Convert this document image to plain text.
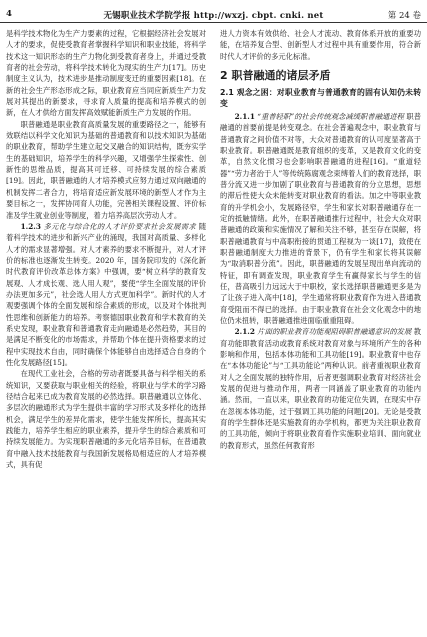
4	无锡职业技术学院学报 http://wxzj. cbpt. cnki. net	第 24 卷

是科学技术物化为生产力要素的过程，它根据经济社会发展对人才的要求，促使受教育者掌握科学知识和职业技能，将科学技术这一知识形态的生产力物化到受教育者身上，并通过受教育者的社会劳动，将科学技术转化为现实的生产力[17]。历史制度主义认为，技术进步是推动制度变迁的重要因素[18]。在新的社会生产形态形成之际，职业教育应当同应新质生产力发展对其提出的新要求，寻求育人质量的提高和培养模式的创新，在人才供给方面发挥高效赋能新质生产力发展的作用。

职普融通是职业教育高质量发展的重要路径之一，能够有效联结以科学文化知识为基础的普通教育和以技术知识为基础的职业教育，帮助学生建立起交叉融合的知识结构，既夯实学生的基础知识，培养学生的科学兴趣，又增强学生探索性、创新性的思维品质，提高其可迁移、可持续发展的综合素质[19]。因此，职普融通的人才培养模式应努力通过双向融通的机制发挥二者合力，将培育适应新发展环境的新型人才作为主要目标之一，发挥协同育人功能，完善相关课程设置、评价标准及学生就业创业等制度，着力培养高层次劳动人才。

1.2.3 多元化与综合化的人才评价要求社会发展需求 随着科学技术的进步和新兴产业的涌现，我国对高质量、多样化人才的需求显著增强。对人才素养的要求不断提升，对人才评价的标准也逐渐发生转变。2020 年，国务院印发的《深化新时代教育评价改革总体方案》中强调，要“树立科学的教育发展观、人才成长观、选人用人观”，要使“学生全面发展的评价办法更加多元”，社会选人用人方式更加科学”。新时代的人才观要强调个体的全面发展和综合素质的形成，以及对个体批判性思维和创新能力的培养。考察德国职业教育和学术教育的关系史发现，职业教育和普通教育走向融通是必然趋势，其目的是满足不断变化的市场需求，并帮助个体在提升资格要求的过程中实现技术自由，同时确保个体能够自由选择适合自身的个性化发展路径[15]。

在现代工业社会，合格的劳动者既要具备与科学相关的系统知识，又要获取与职业相关的经验，将职业与学术的学习路径结合起来已成为教育发展的必然选择。职普融通以立体化、多层次的融通形式为学生提供丰富的学习形式及多样化的选择机会，满足学生的差异化需求，使学生能发挥所长，提高其实践能力，培养学生相应的职业素养，提升学生的综合素质和可持续发展能力。为实现职普融通的多元化培养目标，在普通教育中融入技术技能教育与我国新发展格局相适应的人才培养模式，具有促

进人力资本有效供给、社会人才流动、教育体系开放的重要功能，在培养复合型、创新型人才过程中具有重要作用，符合新时代人才评价的多元化标准。

2 职普融通的诸层矛盾
2.1 观念之困：对职业教育与普通教育的固有认知仍未转变

2.1.1 “重普轻职”的社会传统观念减缓职普融通进程 职普融通的首要前提是转变观念。在社会普遍观念中，职业教育与普通教育之间价值不对等，大众对普通教育的认可度显著高于职业教育。职普融通既是教育组织的变革，又是教育文化的变革，自然文化惯习也会影响职普融通的进程[16]。“重道轻器”“劳力者治于人”等传统陈腐观念束缚着人们的教育选择，职普分流又进一步加剧了职业教育与普通教育的分立思想，思想的滞后性使大众未能转变对职业教育的看法。加之中等职业教育的升学机会小，发展路径窄，学生和家长对职普融通存在一定的抵触情绪。此外，在职普融通推行过程中，社会大众对职普融通的政策和实施情况了解和关注不够，甚至存在误解，将职普融通教育与中高职衔接的贯通工程视为一谈[17]，致使在职普融通制度大力推进的背景下，仍有学生和家长将其误解为“取消职普分流”。因此，职普融通的发展呈现出单向流动的特征，即有调查发现，职业教育学生有赢得家长与学生的信任，普高吸引力远远大于中职校，家长选择职普融通更多是为了让孩子进入高中[18]，学生通常将职业教育作为进入普通教育受阻而不得已的选择。由于职业教育在社会文化观念中的地位仍未扭转，职普融通推进面临重重阻碍。

2.1.2 片面的职业教育功能观阻碍职普融通意识的发展 教育功能即教育活动或教育系统对教育对象与环境所产生的各种影响和作用，包括本体功能和工具功能[19]。职业教育中也存在“本体功能论”与“工具功能论”两种认识。前者重视职业教育对人之全面发展的独特作用，后者更强调职业教育对经济社会发展的促进与推动作用，两者一同涵盖了职业教育的功能内涵。然而，一直以来，职业教育的功能定位失调，在现实中存在忽视本体功能，过于强调工具功能的问题[20]。无论是受教育的学生群体还是实施教育的办学机构，都更为关注职业教育的工具功能，倾向于将职业教育看作实施职业培训、面向就业的教育形式，虽然任何教育形
